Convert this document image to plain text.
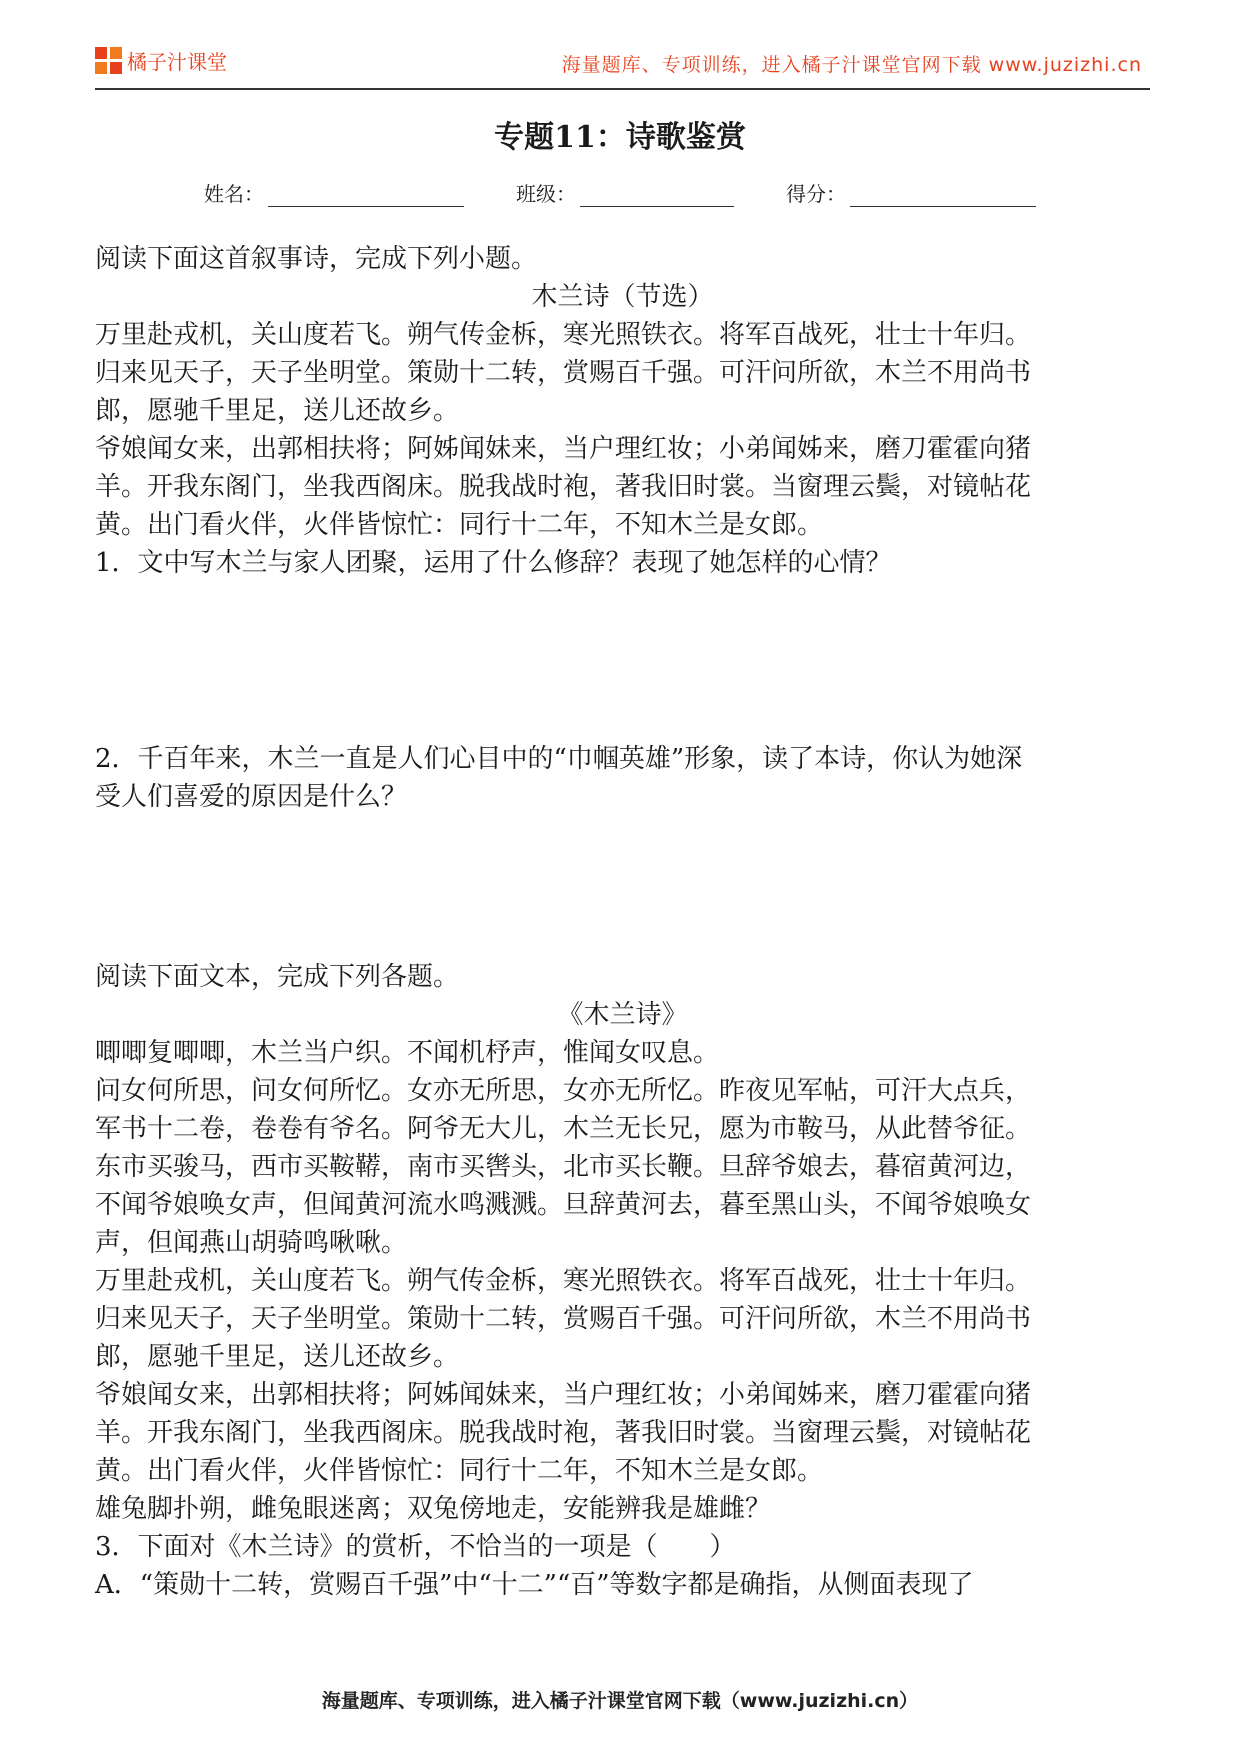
橘子汁课堂	海量题库、专项训练，进入橘子汁课堂官网下载 www.juzizhi.cn
专题11：诗歌鉴赏
姓名：	班级：	得分：

阅读下面这首叙事诗，完成下列小题。

木兰诗（节选）

万里赴戎机，关山度若飞。朔气传金柝，寒光照铁衣。将军百战死，壮士十年归。

归来见天子，天子坐明堂。策勋十二转，赏赐百千强。可汗问所欲，木兰不用尚书

郎，愿驰千里足，送儿还故乡。

爷娘闻女来，出郭相扶将；阿姊闻妹来，当户理红妆；小弟闻姊来，磨刀霍霍向猪

羊。开我东阁门，坐我西阁床。脱我战时袍，著我旧时裳。当窗理云鬓，对镜帖花

黄。出门看火伴，火伴皆惊忙：同行十二年，不知木兰是女郎。

1．文中写木兰与家人团聚，运用了什么修辞？表现了她怎样的心情？

2．千百年来，木兰一直是人们心目中的“巾帼英雄”形象，读了本诗，你认为她深

受人们喜爱的原因是什么？

阅读下面文本，完成下列各题。

《木兰诗》

唧唧复唧唧，木兰当户织。不闻机杼声，惟闻女叹息。

问女何所思，问女何所忆。女亦无所思，女亦无所忆。昨夜见军帖，可汗大点兵，

军书十二卷，卷卷有爷名。阿爷无大儿，木兰无长兄，愿为市鞍马，从此替爷征。

东市买骏马，西市买鞍鞯，南市买辔头，北市买长鞭。旦辞爷娘去，暮宿黄河边，

不闻爷娘唤女声，但闻黄河流水鸣溅溅。旦辞黄河去，暮至黑山头，不闻爷娘唤女

声，但闻燕山胡骑鸣啾啾。

万里赴戎机，关山度若飞。朔气传金柝，寒光照铁衣。将军百战死，壮士十年归。

归来见天子，天子坐明堂。策勋十二转，赏赐百千强。可汗问所欲，木兰不用尚书

郎，愿驰千里足，送儿还故乡。

爷娘闻女来，出郭相扶将；阿姊闻妹来，当户理红妆；小弟闻姊来，磨刀霍霍向猪

羊。开我东阁门，坐我西阁床。脱我战时袍，著我旧时裳。当窗理云鬓，对镜帖花

黄。出门看火伴，火伴皆惊忙：同行十二年，不知木兰是女郎。

雄兔脚扑朔，雌兔眼迷离；双兔傍地走，安能辨我是雄雌？

3．下面对《木兰诗》的赏析，不恰当的一项是（　　）

A．“策勋十二转，赏赐百千强”中“十二”“百”等数字都是确指，从侧面表现了

海量题库、专项训练，进入橘子汁课堂官网下载（www.juzizhi.cn）
